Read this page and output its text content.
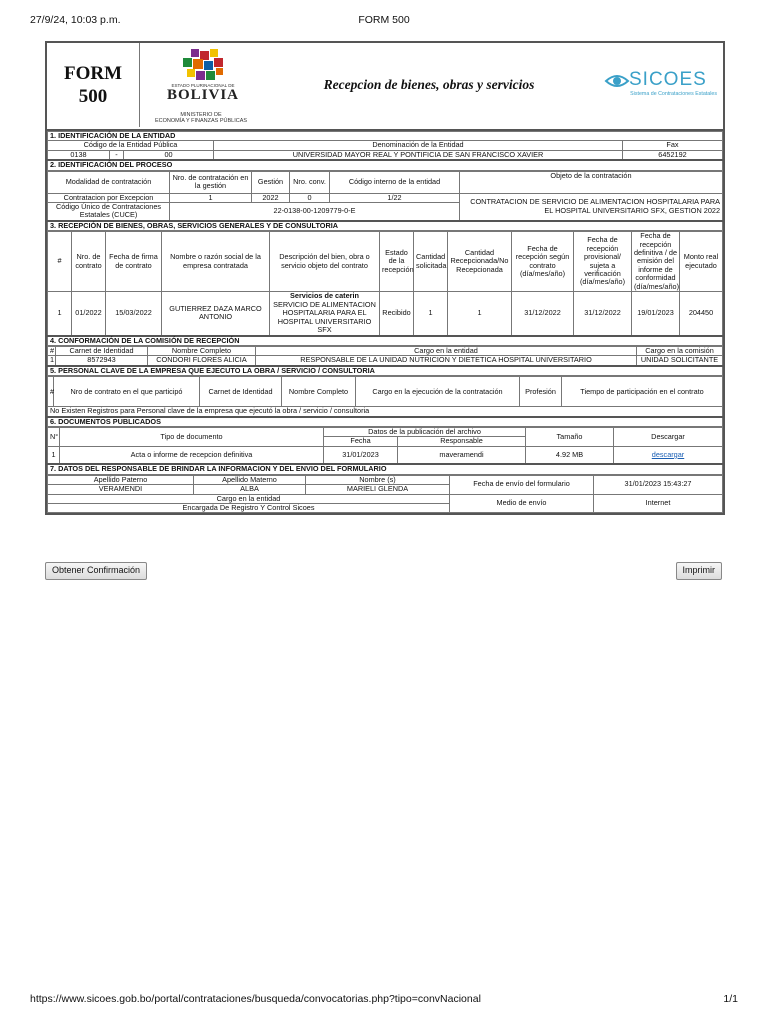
27/9/24, 10:03 p.m.	FORM 500
FORM
500
ESTADO PLURINACIONAL DE
BOLIVIA
MINISTERIO DE
ECONOMÍA Y FINANZAS PÚBLICAS
Recepcion de bienes, obras y servicios	SICOES
Sistema de Contrataciones Estatales
1. IDENTIFICACIÓN DE LA ENTIDAD				
Código de la Entidad Pública			Denominación de la Entidad	Fax
0138	-	00	UNIVERSIDAD MAYOR REAL Y PONTIFICIA DE SAN FRANCISCO XAVIER	6452192
2. IDENTIFICACIÓN DEL PROCESO				
Modalidad de contratación	Nro. de contratación en la gestión	Gestión	Nro. conv.	Código interno de la entidad	Objeto de la contratación
Contratacion por Excepcion	1	2022	0	1/22	CONTRATACION DE SERVICIO DE ALIMENTACION HOSPITALARIA PARA EL HOSPITAL UNIVERSITARIO SFX, GESTION 2022
Código Único de Contrataciones Estatales (CUCE)	22-0138-00-1209779-0-E				
3. RECEPCIÓN DE BIENES, OBRAS, SERVICIOS GENERALES Y DE CONSULTORIA					
#	Nro. de contrato	Fecha de firma de contrato	Nombre o razón social de la empresa contratada	Descripción del bien, obra o servicio objeto del contrato	Estado de la recepción	Cantidad solicitada	Cantidad Recepcionada/No Recepcionada	Fecha de recepción según contrato (día/mes/año)	Fecha de recepción provisional/ sujeta a verificación (día/mes/año)	Fecha de recepción definitiva / de emisión del informe de conformidad (día/mes/año)	Monto real ejecutado
1	01/2022	15/03/2022	GUTIERREZ DAZA MARCO ANTONIO	Servicios de caterin
SERVICIO DE ALIMENTACION HOSPITALARIA PARA EL HOSPITAL UNIVERSITARIO SFX	Recibido	1	1	31/12/2022	31/12/2022	19/01/2023	204450
4. CONFORMACIÓN DE LA COMISIÓN DE RECEPCIÓN											
#	Carnet de Identidad	Nombre Completo	Cargo en la entidad	Cargo en la comisión
1	8572943	CONDORI FLORES ALICIA	RESPONSABLE DE LA UNIDAD NUTRICION Y DIETETICA HOSPITAL UNIVERSITARIO	UNIDAD SOLICITANTE
5. PERSONAL CLAVE DE LA EMPRESA QUE EJECUTO LA OBRA / SERVICIO / CONSULTORIA				
#	Nro de contrato en el que participó	Carnet de Identidad	Nombre Completo	Cargo en la ejecución de la contratación	Profesión	Tiempo de participación en el contrato
No Existen Registros para Personal clave de la empresa que ejecutó la obra / servicio / consultoria
6. DOCUMENTOS PUBLICADOS
N°	Tipo de documento	Datos de la publicación del archivo		Tamaño	Descargar
		Fecha	Responsable		
1	Acta o informe de recepcion definitiva	31/01/2023	maveramendi	4.92 MB	descargar
7. DATOS DEL RESPONSABLE DE BRINDAR LA INFORMACION Y DEL ENVIO DEL FORMULARIO					
Apellido Paterno	Apellido Materno	Nombre (s)	Fecha de envío del formulario	31/01/2023 15:43:27
VERAMENDI	ALBA	MARIELI GLENDA		
Cargo en la entidad			Medio de envío	Internet
Encargada De Registro Y Control Sicoes				
Obtener Confirmación	Imprimir
https://www.sicoes.gob.bo/portal/contrataciones/busqueda/convocatorias.php?tipo=convNacional	1/1
